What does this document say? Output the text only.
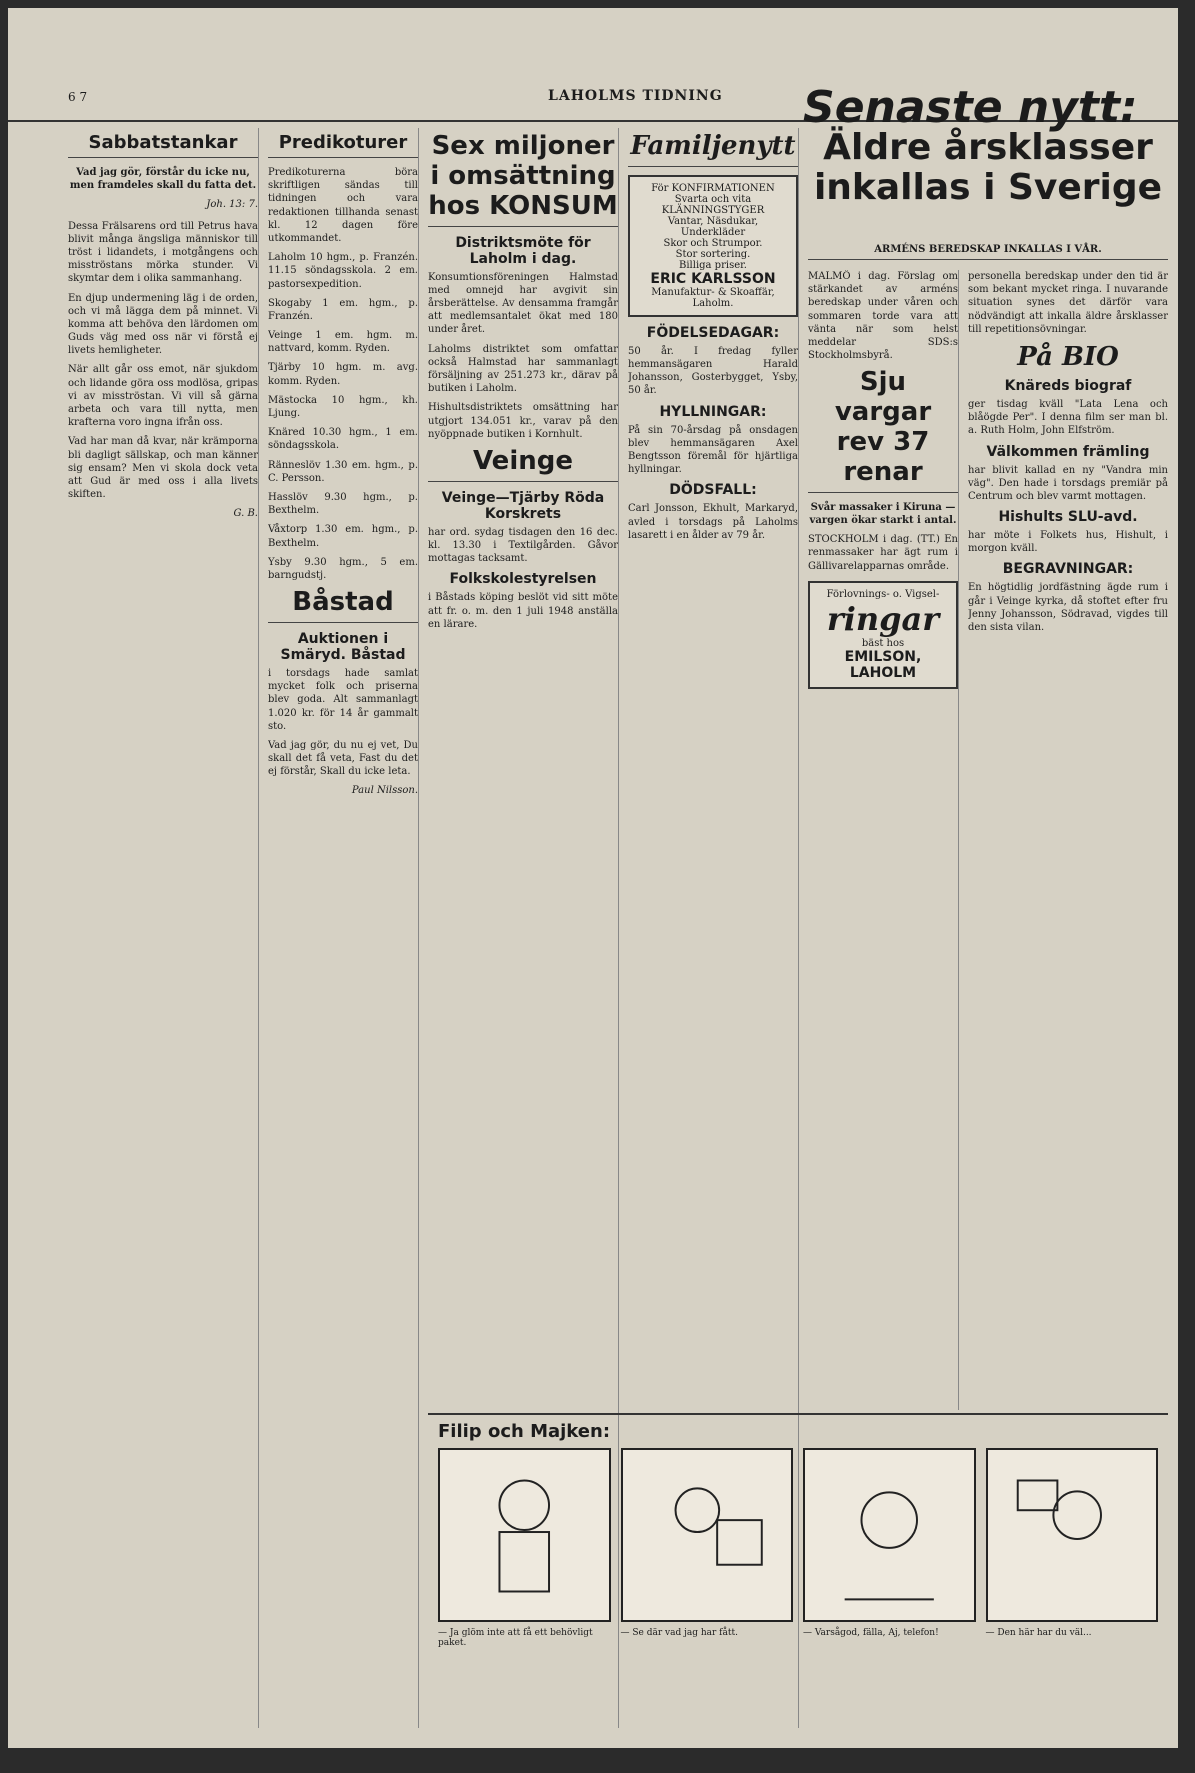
6 7	LAHOLMS TIDNING Senaste nytt:
Sabbatstankar

Vad jag gör, förstår du icke nu, men framdeles skall du fatta det.

Joh. 13: 7.

Dessa Frälsarens ord till Petrus hava blivit många ängsliga människor till tröst i lidandets, i motgångens och misströstans mörka stunder. Vi skymtar dem i olika sammanhang.

En djup undermening läg i de orden, och vi må lägga dem på minnet. Vi komma att behöva den lärdomen om Guds väg med oss när vi förstå ej livets hemligheter.

När allt går oss emot, när sjukdom och lidande göra oss modlösa, gripas vi av misströstan. Vi vill så gärna arbeta och vara till nytta, men krafterna voro ingna ifrån oss.

Vad har man då kvar, när krämporna bli dagligt sällskap, och man känner sig ensam? Men vi skola dock veta att Gud är med oss i alla livets skiften.

G. B.

Predikoturer

Predikoturerna böra skriftligen sändas till tidningen och vara redaktionen tillhanda senast kl. 12 dagen före utkommandet.

Laholm 10 hgm., p. Franzén. 11.15 söndagsskola. 2 em. pastorsexpedition.

Skogaby 1 em. hgm., p. Franzén.

Veinge 1 em. hgm. m. nattvard, komm. Ryden.

Tjärby 10 hgm. m. avg. komm. Ryden.

Mästocka 10 hgm., kh. Ljung.

Knäred 10.30 hgm., 1 em. söndagsskola.

Ränneslöv 1.30 em. hgm., p. C. Persson.

Hasslöv 9.30 hgm., p. Bexthelm.

Våxtorp 1.30 em. hgm., p. Bexthelm.

Ysby 9.30 hgm., 5 em. barngudstj.

Båstad
Auktionen i Smäryd. Båstad

i torsdags hade samlat mycket folk och priserna blev goda. Alt sammanlagt 1.020 kr. för 14 år gammalt sto.

Vad jag gör, du nu ej vet, Du skall det få veta, Fast du det ej förstår, Skall du icke leta.

Paul Nilsson.

Sex miljoner i omsättning hos KONSUM
Distriktsmöte för Laholm i dag.

Konsumtionsföreningen Halmstad med omnejd har avgivit sin årsberättelse. Av densamma framgår att medlemsantalet ökat med 180 under året.

Laholms distriktet som omfattar också Halmstad har sammanlagt försäljning av 251.273 kr., därav på butiken i Laholm.

Hishultsdistriktets omsättning har utgjort 134.051 kr., varav på den nyöppnade butiken i Kornhult.

Veinge
Veinge—Tjärby Röda Korskrets

har ord. sydag tisdagen den 16 dec. kl. 13.30 i Textilgården. Gåvor mottagas tacksamt.

Folkskolestyrelsen

i Båstads köping beslöt vid sitt möte att fr. o. m. den 1 juli 1948 anställa en lärare.

Familjenytt
För KONFIRMATIONEN
Svarta och vita
KLÄNNINGSTYGER
Vantar, Näsdukar, Underkläder
Skor och Strumpor.
Stor sortering.
Billiga priser.
ERIC KARLSSON
Manufaktur- & Skoaffär, Laholm.
FÖDELSEDAGAR:

50 år. I fredag fyller hemmansägaren Harald Johansson, Gosterbygget, Ysby, 50 år.

HYLLNINGAR:

På sin 70-årsdag på onsdagen blev hemmansägaren Axel Bengtsson föremål för hjärtliga hyllningar.

DÖDSFALL:

Carl Jonsson, Ekhult, Markaryd, avled i torsdags på Laholms lasarett i en ålder av 79 år.

Äldre årsklasser inkallas i Sverige
ARMÉNS BEREDSKAP INKALLAS I VÅR.

MALMÖ i dag. Förslag om stärkandet av arméns beredskap under våren och sommaren torde vara att vänta när som helst meddelar SDS:s Stockholmsbyrå.

Sju vargar rev 37 renar

Svår massaker i Kiruna — vargen ökar starkt i antal.

STOCKHOLM i dag. (TT.) En renmassaker har ägt rum i Gällivarelapparnas område.

Förlovnings- o. Vigsel-
ringar
bäst hos
EMILSON, LAHOLM

personella beredskap under den tid är som bekant mycket ringa. I nuvarande situation synes det därför vara nödvändigt att inkalla äldre årsklasser till repetitionsövningar.

På BIO
Knäreds biograf

ger tisdag kväll "Lata Lena och blåögde Per". I denna film ser man bl. a. Ruth Holm, John Elfström.

Välkommen främling

har blivit kallad en ny "Vandra min väg". Den hade i torsdags premiär på Centrum och blev varmt mottagen.

Hishults SLU-avd.

har möte i Folkets hus, Hishult, i morgon kväll.

BEGRAVNINGAR:

En högtidlig jordfästning ägde rum i går i Veinge kyrka, då stoftet efter fru Jenny Johansson, Södravad, vigdes till den sista vilan.

Filip och Majken:
— Ja glöm inte att få ett behövligt paket.
— Se där vad jag har fått.	— Varsågod, fälla, Aj, telefon!	— Den här har du väl...
